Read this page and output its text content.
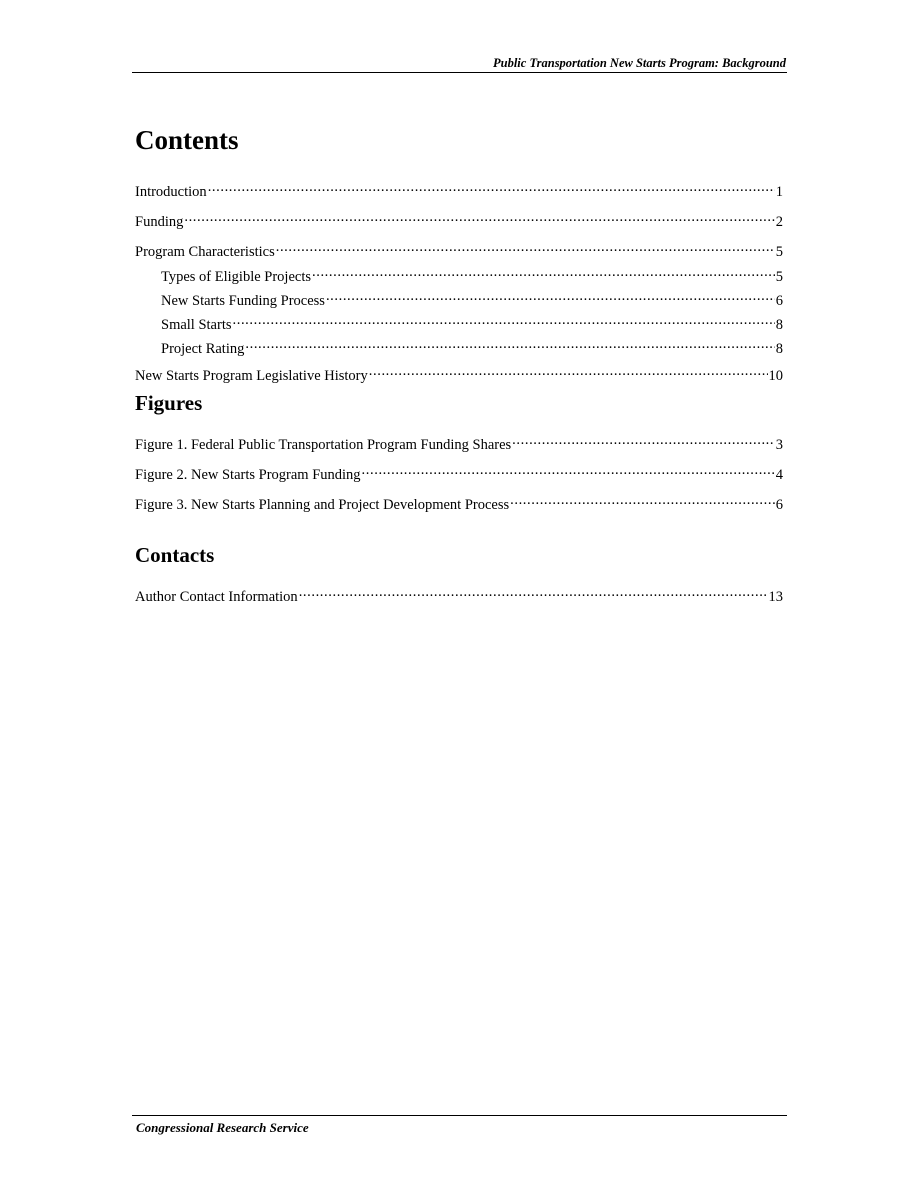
Public Transportation New Starts Program: Background
Contents
Introduction .....	1
Funding .....	2
Program Characteristics .....	5
Types of Eligible Projects .....	5
New Starts Funding Process .....	6
Small Starts .....	8
Project Rating .....	8
New Starts Program Legislative History .....	10
Figures
Figure 1. Federal Public Transportation Program Funding Shares .....	3
Figure 2. New Starts Program Funding .....	4
Figure 3. New Starts Planning and Project Development Process .....	6
Contacts
Author Contact Information .....	13
Congressional Research Service
